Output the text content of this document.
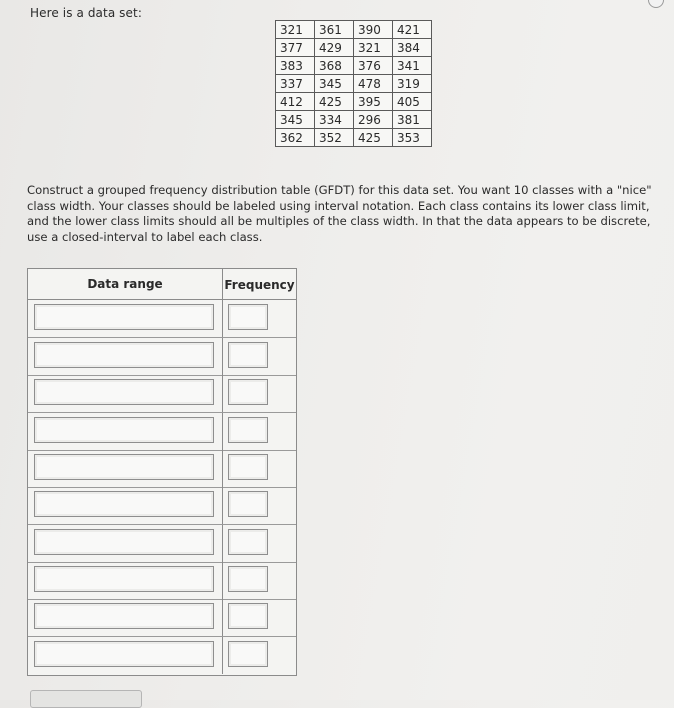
Here is a data set:
321	361	390	421
377	429	321	384
383	368	376	341
337	345	478	319
412	425	395	405
345	334	296	381
362	352	425	353
Construct a grouped frequency distribution table (GFDT) for this data set. You want 10 classes with a "nice" class width. Your classes should be labeled using interval notation. Each class contains its lower class limit, and the lower class limits should all be multiples of the class width. In that the data appears to be discrete, use a closed-interval to label each class.
Data range	Frequency
